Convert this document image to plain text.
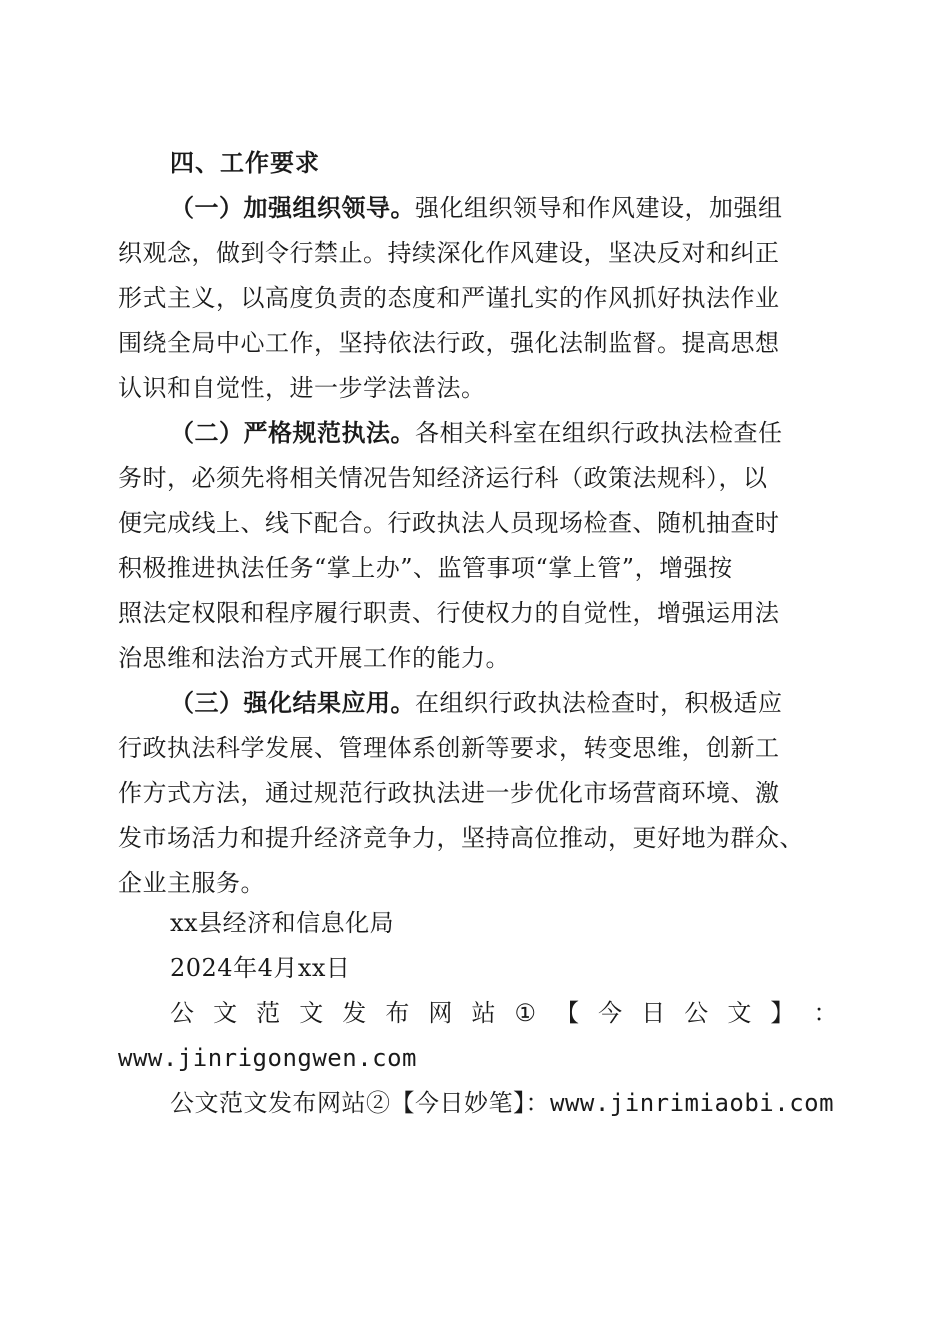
四、工作要求
（一）加强组织领导。强化组织领导和作风建设，加强组
织观念，做到令行禁止。持续深化作风建设，坚决反对和纠正
形式主义，以高度负责的态度和严谨扎实的作风抓好执法作业
围绕全局中心工作，坚持依法行政，强化法制监督。提高思想
认识和自觉性，进一步学法普法。
（二）严格规范执法。各相关科室在组织行政执法检查任
务时，必须先将相关情况告知经济运行科（政策法规科），以
便完成线上、线下配合。行政执法人员现场检查、随机抽查时
积极推进执法任务“掌上办”、监管事项“掌上管”，增强按
照法定权限和程序履行职责、行使权力的自觉性，增强运用法
治思维和法治方式开展工作的能力。
（三）强化结果应用。在组织行政执法检查时，积极适应
行政执法科学发展、管理体系创新等要求，转变思维，创新工
作方式方法，通过规范行政执法进一步优化市场营商环境、激
发市场活力和提升经济竞争力，坚持高位推动，更好地为群众、
企业主服务。
xx县经济和信息化局
2024年4月xx日
公 文 范 文 发 布 网 站 ① 【 今 日 公 文 】 ：
www.jinrigongwen.com
公文范文发布网站②【今日妙笔】：www.jinrimiaobi.com
